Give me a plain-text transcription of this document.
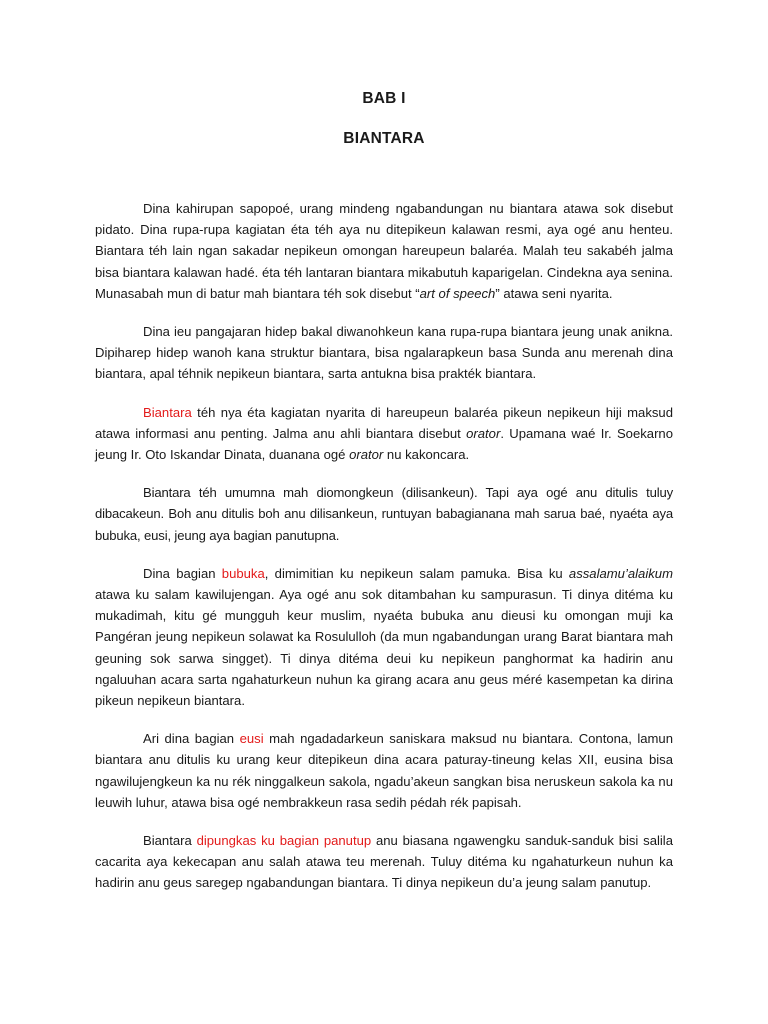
BAB I
BIANTARA

Dina kahirupan sapopoé, urang mindeng ngabandungan nu biantara atawa sok disebut pidato. Dina rupa-rupa kagiatan éta téh aya nu ditepikeun kalawan resmi, aya ogé anu henteu. Biantara téh lain ngan sakadar nepikeun omongan hareupeun balaréa. Malah teu sakabéh jalma bisa biantara kalawan hadé. éta téh lantaran biantara mikabutuh kaparigelan. Cindekna aya senina. Munasabah mun di batur mah biantara téh sok disebut “art of speech” atawa seni nyarita.

Dina ieu pangajaran hidep bakal diwanohkeun kana rupa-rupa biantara jeung unak anikna. Dipiharep hidep wanoh kana struktur biantara, bisa ngalarapkeun basa Sunda anu merenah dina biantara, apal téhnik nepikeun biantara, sarta antukna bisa prakték biantara.

Biantara téh nya éta kagiatan nyarita di hareupeun balaréa pikeun nepikeun hiji maksud atawa informasi anu penting. Jalma anu ahli biantara disebut orator. Upamana waé Ir. Soekarno jeung Ir. Oto Iskandar Dinata, duanana ogé orator nu kakoncara.

Biantara téh umumna mah diomongkeun (dilisankeun). Tapi aya ogé anu ditulis tuluy dibacakeun. Boh anu ditulis boh anu dilisankeun, runtuyan babagianana mah sarua baé, nyaéta aya bubuka, eusi, jeung aya bagian panutupna.

Dina bagian bubuka, dimimitian ku nepikeun salam pamuka. Bisa ku assalamu’alaikum atawa ku salam kawilujengan. Aya ogé anu sok ditambahan ku sampurasun. Ti dinya ditéma ku mukadimah, kitu gé mungguh keur muslim, nyaéta bubuka anu dieusi ku omongan muji ka Pangéran jeung nepikeun solawat ka Rosululloh (da mun ngabandungan urang Barat biantara mah geuning sok sarwa singget). Ti dinya ditéma deui ku nepikeun panghormat ka hadirin anu ngaluuhan acara sarta ngahaturkeun nuhun ka girang acara anu geus méré kasempetan ka dirina pikeun nepikeun biantara.

Ari dina bagian eusi mah ngadadarkeun saniskara maksud nu biantara. Contona, lamun biantara anu ditulis ku urang keur ditepikeun dina acara paturay-tineung kelas XII, eusina bisa ngawilujengkeun ka nu rék ninggalkeun sakola, ngadu’akeun sangkan bisa neruskeun sakola ka nu leuwih luhur, atawa bisa ogé nembrakkeun rasa sedih pédah rék papisah.

Biantara dipungkas ku bagian panutup anu biasana ngawengku sanduk-sanduk bisi salila cacarita aya kekecapan anu salah atawa teu merenah. Tuluy ditéma ku ngahaturkeun nuhun ka hadirin anu geus saregep ngabandungan biantara. Ti dinya nepikeun du’a jeung salam panutup.
